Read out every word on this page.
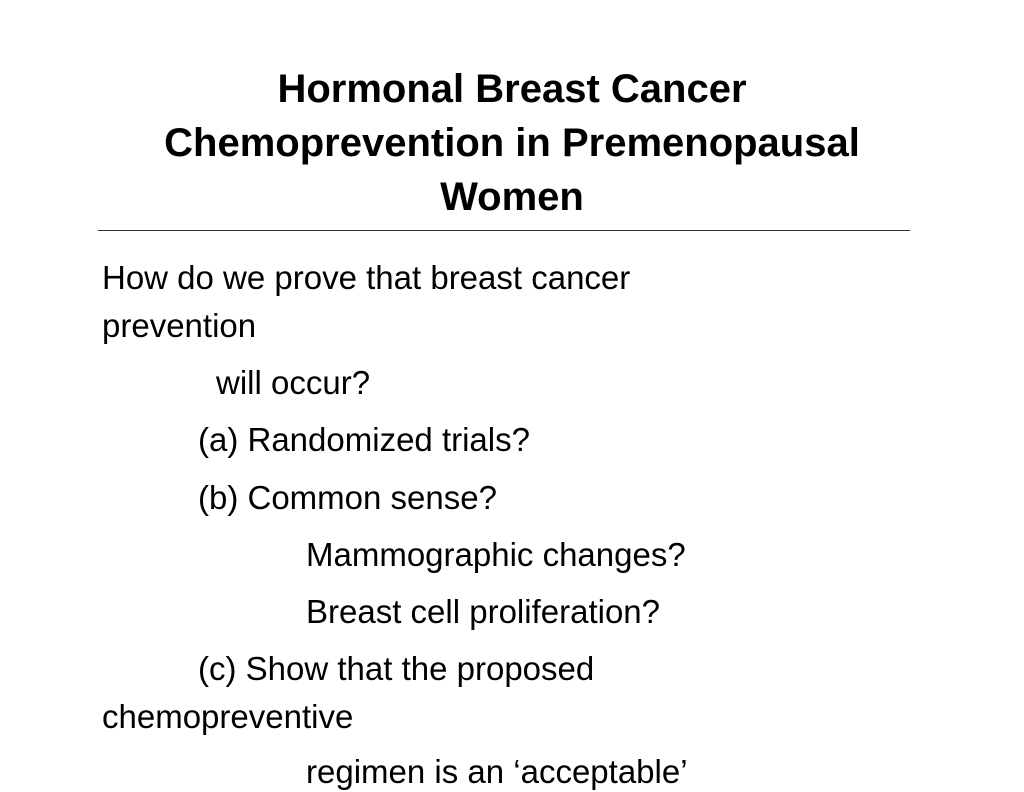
Hormonal Breast Cancer
Chemoprevention in Premenopausal
Women
How do we prove that breast cancer
prevention
will occur?
(a) Randomized trials?
(b) Common sense?
Mammographic changes?
Breast cell proliferation?
(c) Show that the proposed
chemopreventive
regimen is an ‘acceptable’
